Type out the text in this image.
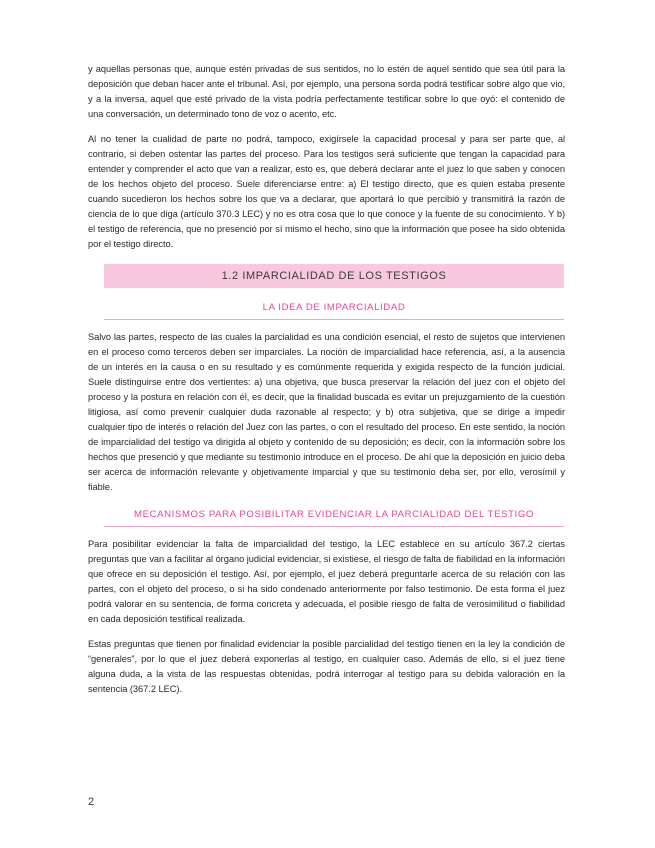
y aquellas personas que, aunque estén privadas de sus sentidos, no lo estén de aquel sentido que sea útil para la deposición que deban hacer ante el tribunal. Así, por ejemplo, una persona sorda podrá testificar sobre algo que vio, y a la inversa, aquel que esté privado de la vista podría perfectamente testificar sobre lo que oyó: el contenido de una conversación, un determinado tono de voz o acento, etc.

Al no tener la cualidad de parte no podrá, tampoco, exigírsele la capacidad procesal y para ser parte que, al contrario, si deben ostentar las partes del proceso. Para los testigos será suficiente que tengan la capacidad para entender y comprender el acto que van a realizar, esto es, que deberá declarar ante el juez lo que saben y conocen de los hechos objeto del proceso. Suele diferenciarse entre: a) El testigo directo, que es quien estaba presente cuando sucedieron los hechos sobre los que va a declarar, que aportará lo que percibió y transmitirá la razón de ciencia de lo que diga (artículo 370.3 LEC) y no es otra cosa que lo que conoce y la fuente de su conocimiento. Y b) el testigo de referencia, que no presenció por sí mismo el hecho, sino que la información que posee ha sido obtenida por el testigo directo.

1.2 IMPARCIALIDAD DE LOS TESTIGOS
LA IDEA DE IMPARCIALIDAD

Salvo las partes, respecto de las cuales la parcialidad es una condición esencial, el resto de sujetos que intervienen en el proceso como terceros deben ser imparciales. La noción de imparcialidad hace referencia, así, a la ausencia de un interés en la causa o en su resultado y es comúnmente requerida y exigida respecto de la función judicial. Suele distinguirse entre dos vertientes: a) una objetiva, que busca preservar la relación del juez con el objeto del proceso y la postura en relación con él, es decir, que la finalidad buscada es evitar un prejuzgamiento de la cuestión litigiosa, así como prevenir cualquier duda razonable al respecto; y b) otra subjetiva, que se dirige a impedir cualquier tipo de interés o relación del Juez con las partes, o con el resultado del proceso. En este sentido, la noción de imparcialidad del testigo va dirigida al objeto y contenido de su deposición; es decir, con la información sobre los hechos que presenció y que mediante su testimonio introduce en el proceso. De ahí que la deposición en juicio deba ser acerca de información relevante y objetivamente imparcial y que su testimonio deba ser, por ello, verosímil y fiable.

MECANISMOS PARA POSIBILITAR EVIDENCIAR LA PARCIALIDAD DEL TESTIGO

Para posibilitar evidenciar la falta de imparcialidad del testigo, la LEC establece en su artículo 367.2 ciertas preguntas que van a facilitar al órgano judicial evidenciar, si existiese, el riesgo de falta de fiabilidad en la información que ofrece en su deposición el testigo. Así, por ejemplo, el juez deberá preguntarle acerca de su relación con las partes, con el objeto del proceso, o si ha sido condenado anteriormente por falso testimonio. De esta forma el juez podrá valorar en su sentencia, de forma concreta y adecuada, el posible riesgo de falta de verosimilitud o fiabilidad en cada deposición testifical realizada.

Estas preguntas que tienen por finalidad evidenciar la posible parcialidad del testigo tienen en la ley la condición de “generales”, por lo que el juez deberá exponerlas al testigo, en cualquier caso. Además de ello, si el juez tiene alguna duda, a la vista de las respuestas obtenidas, podrá interrogar al testigo para su debida valoración en la sentencia (367.2 LEC).

2
